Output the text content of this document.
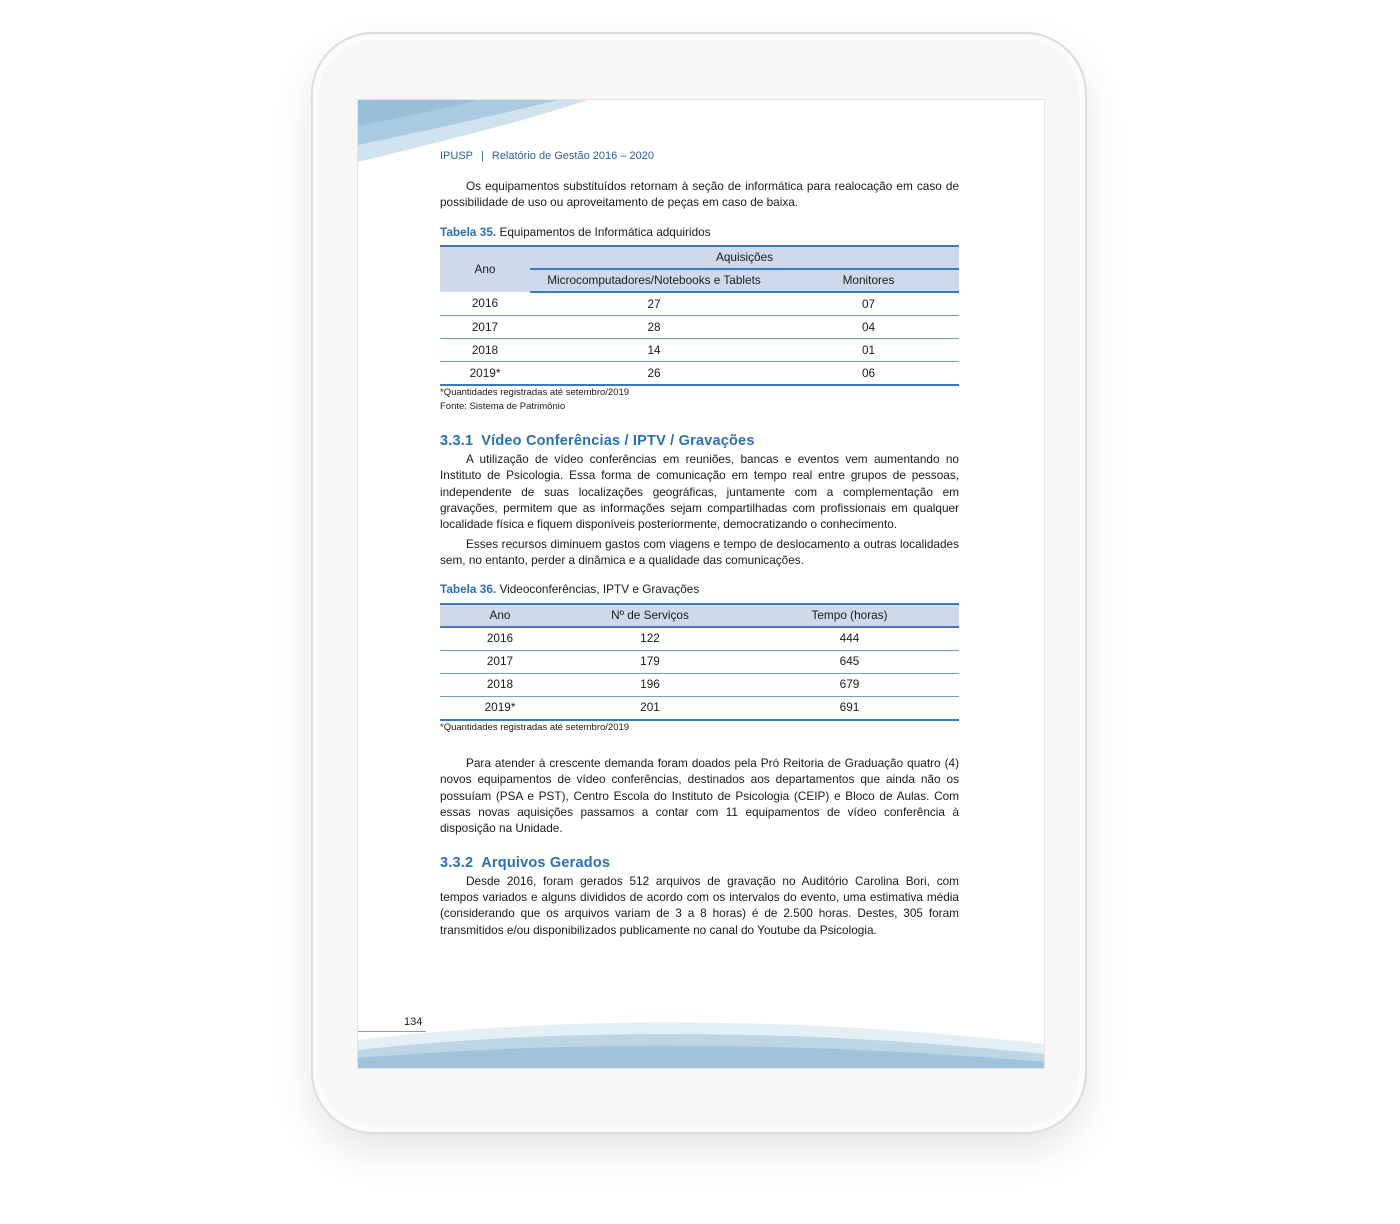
IPUSP | Relatório de Gestão 2016 – 2020

Os equipamentos substituídos retornam à seção de informática para realocação em caso de possibilidade de uso ou aproveitamento de peças em caso de baixa.

Tabela 35. Equipamentos de Informática adquiridos
Ano	Aquisições	
	Microcomputadores/Notebooks e Tablets	Monitores
2016	27	07
2017	28	04
2018	14	01
2019*	26	06
*Quantidades registradas até setembro/2019
Fonte: Sistema de Patrimônio
3.3.1 Vídeo Conferências / IPTV / Gravações

A utilização de vídeo conferências em reuniões, bancas e eventos vem aumentando no Instituto de Psicologia. Essa forma de comunicação em tempo real entre grupos de pessoas, independente de suas localizações geográficas, juntamente com a complementação em gravações, permitem que as informações sejam compartilhadas com profissionais em qualquer localidade física e fiquem disponíveis posteriormente, democratizando o conhecimento.

Esses recursos diminuem gastos com viagens e tempo de deslocamento a outras localidades sem, no entanto, perder a dinâmica e a qualidade das comunicações.

Tabela 36. Videoconferências, IPTV e Gravações
Ano	Nº de Serviços	Tempo (horas)
2016	122	444
2017	179	645
2018	196	679
2019*	201	691
*Quantidades registradas até setembro/2019

Para atender à crescente demanda foram doados pela Pró Reitoria de Graduação quatro (4) novos equipamentos de vídeo conferências, destinados aos departamentos que ainda não os possuíam (PSA e PST), Centro Escola do Instituto de Psicologia (CEIP) e Bloco de Aulas. Com essas novas aquisições passamos a contar com 11 equipamentos de vídeo conferência à disposição na Unidade.

3.3.2 Arquivos Gerados

Desde 2016, foram gerados 512 arquivos de gravação no Auditório Carolina Bori, com tempos variados e alguns divididos de acordo com os intervalos do evento, uma estimativa média (considerando que os arquivos variam de 3 a 8 horas) é de 2.500 horas. Destes, 305 foram transmitidos e/ou disponibilizados publicamente no canal do Youtube da Psicologia.

134
